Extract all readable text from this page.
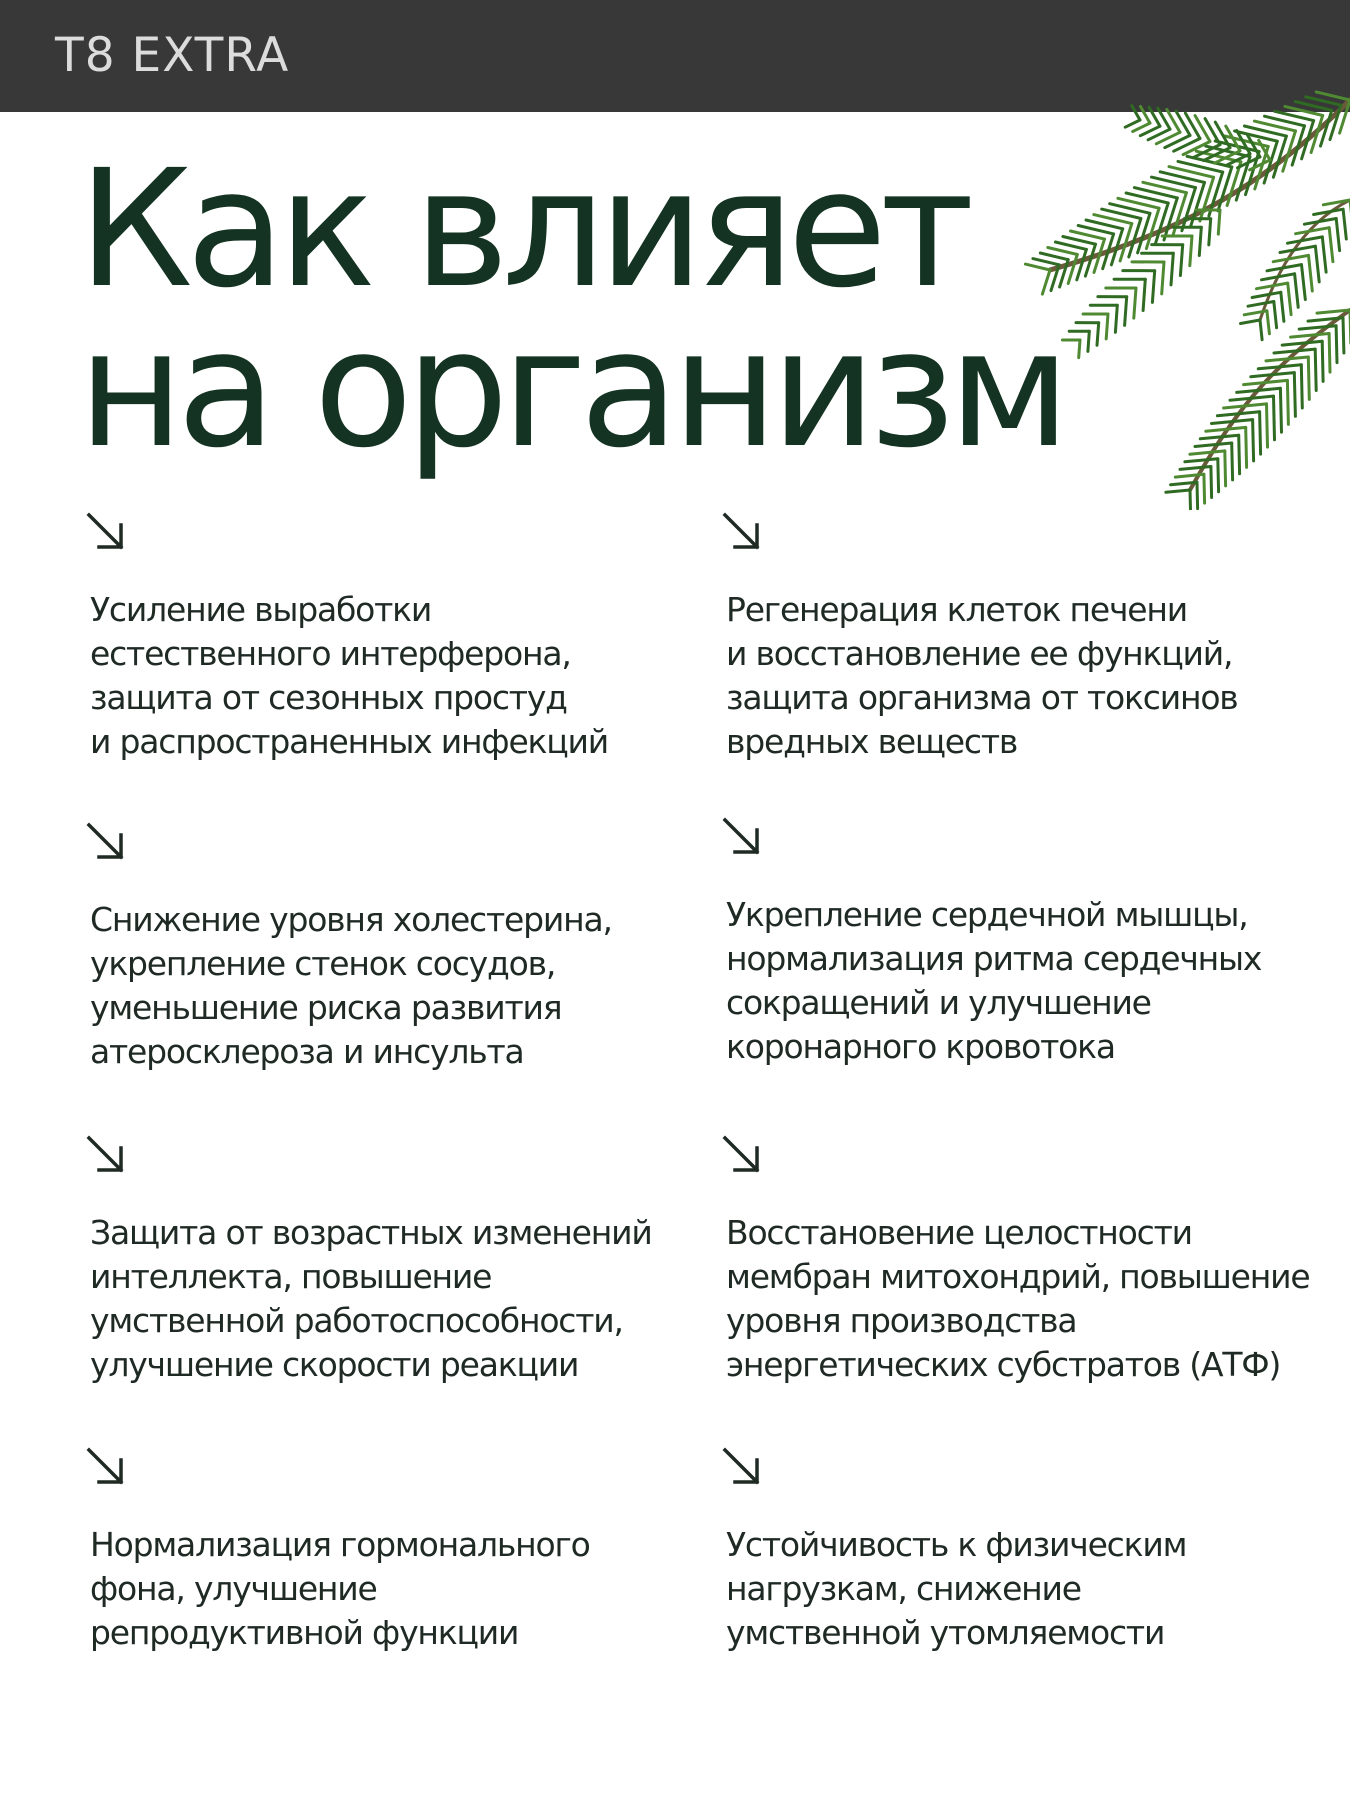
T8 EXTRA
Как влияет
на организм

Усиление выработки
естественного интерферона,
защита от сезонных простуд
и распространенных инфекций

Регенерация клеток печени
и восстановление ее функций,
защита организма от токсинов
вредных веществ

Снижение уровня холестерина,
укрепление стенок сосудов,
уменьшение риска развития
атеросклероза и инсульта

Укрепление сердечной мышцы,
нормализация ритма сердечных
сокращений и улучшение
коронарного кровотока

Защита от возрастных изменений
интеллекта, повышение
умственной работоспособности,
улучшение скорости реакции

Восстановение целостности
мембран митохондрий, повышение
уровня производства
энергетических субстратов (АТФ)

Нормализация гормонального
фона, улучшение
репродуктивной функции

Устойчивость к физическим
нагрузкам, снижение
умственной утомляемости
